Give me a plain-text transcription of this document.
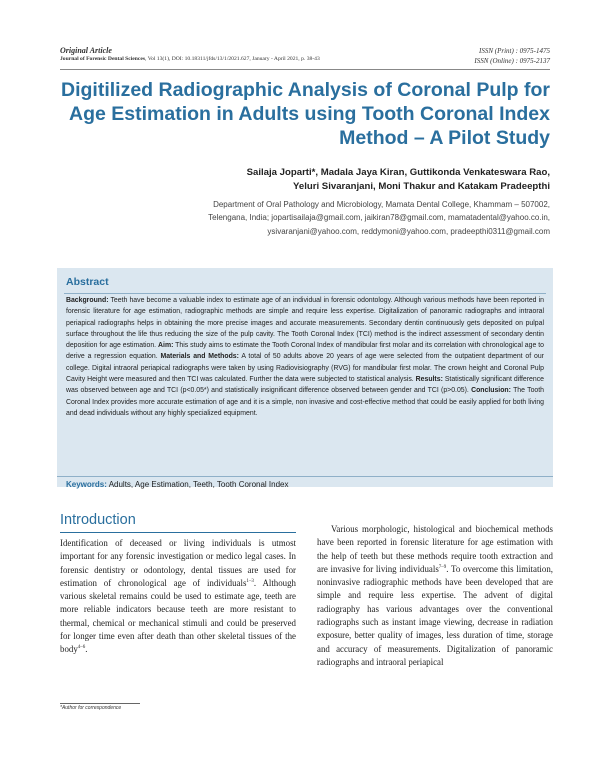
Original Article
Journal of Forensic Dental Sciences, Vol 13(1), DOI: 10.18311/jfds/13/1/2021.627, January - April 2021, p. 38-43
ISSN (Print) : 0975-1475
ISSN (Online) : 0975-2137
Digitilized Radiographic Analysis of Coronal Pulp for Age Estimation in Adults using Tooth Coronal Index Method – A Pilot Study
Sailaja Joparti*, Madala Jaya Kiran, Guttikonda Venkateswara Rao,
Yeluri Sivaranjani, Moni Thakur and Katakam Pradeepthi
Department of Oral Pathology and Microbiology, Mamata Dental College, Khammam – 507002,
Telengana, India; jopartisailaja@gmail.com, jaikiran78@gmail.com, mamatadental@yahoo.co.in,
ysivaranjani@yahoo.com, reddymoni@yahoo.com, pradeepthi0311@gmail.com
Abstract
Background: Teeth have become a valuable index to estimate age of an individual in forensic odontology. Although various methods have been reported in forensic literature for age estimation, radiographic methods are simple and require less expertise. Digitalization of panoramic radiographs and intraoral periapical radiographs helps in obtaining the more precise images and accurate measurements. Secondary dentin continuously gets deposited on pulpal surface throughout the life thus reducing the size of the pulp cavity. The Tooth Coronal Index (TCI) method is the indirect assessment of secondary dentin deposition for age estimation. Aim: This study aims to estimate the Tooth Coronal Index of mandibular first molar and its correlation with chronological age to derive a regression equation. Materials and Methods: A total of 50 adults above 20 years of age were selected from the outpatient department of our college. Digital intraoral periapical radiographs were taken by using Radiovisiography (RVG) for mandibular first molar. The crown height and Coronal Pulp Cavity Height were measured and then TCI was calculated. Further the data were subjected to statistical analysis. Results: Statistically significant difference was observed between age and TCI (p<0.05*) and statistically insignificant difference observed between gender and TCI (p>0.05). Conclusion: The Tooth Coronal Index provides more accurate estimation of age and it is a simple, non invasive and cost-effective method that could be easily applied for both living and dead individuals without any highly specialized equipment.
Keywords: Adults, Age Estimation, Teeth, Tooth Coronal Index
Introduction

Identification of deceased or living individuals is utmost important for any forensic investigation or medico legal cases. In forensic dentistry or odontology, dental tissues are used for estimation of chronological age of individuals$^{1-3}$. Although various skeletal remains could be used to estimate age, teeth are more reliable indicators because teeth are more resistant to thermal, chemical or mechanical stimuli and could be preserved for longer time even after death than other skeletal tissues of the body$^{4-6}$.

Various morphologic, histological and biochemical methods have been reported in forensic literature for age estimation with the help of teeth but these methods require tooth extraction and are invasive for living individuals$^{7-9}$. To overcome this limitation, noninvasive radiographic methods have been developed that are simple and require less expertise. The advent of digital radiography has various advantages over the conventional radiographs such as instant image viewing, decrease in radiation exposure, better quality of images, less duration of time, storage and accuracy of measurements. Digitalization of panoramic radiographs and intraoral periapical

*Author for correspondence
